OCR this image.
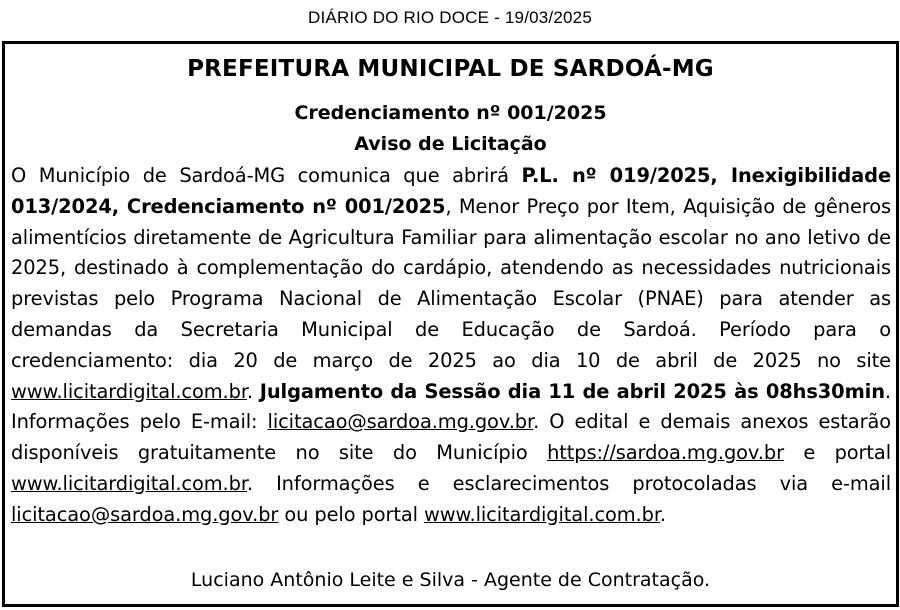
DIÁRIO DO RIO DOCE - 19/03/2025
PREFEITURA MUNICIPAL DE SARDOÁ-MG
Credenciamento nº 001/2025
Aviso de Licitação
O Município de Sardoá-MG comunica que abrirá P.L. nº 019/2025, Inexigibilidade 013/2024, Credenciamento nº 001/2025, Menor Preço por Item, Aquisição de gêneros alimentícios diretamente de Agricultura Familiar para alimentação escolar no ano letivo de 2025, destinado à complementação do cardápio, atendendo as necessidades nutricionais previstas pelo Programa Nacional de Alimentação Escolar (PNAE) para atender as demandas da Secretaria Municipal de Educação de Sardoá. Período para o credenciamento: dia 20 de março de 2025 ao dia 10 de abril de 2025 no site www.licitardigital.com.br. Julgamento da Sessão dia 11 de abril 2025 às 08hs30min. Informações pelo E-mail: licitacao@sardoa.mg.gov.br. O edital e demais anexos estarão disponíveis gratuitamente no site do Município https://sardoa.mg.gov.br e portal www.licitardigital.com.br. Informações e esclarecimentos protocoladas via e-mail licitacao@sardoa.mg.gov.br ou pelo portal www.licitardigital.com.br.
Luciano Antônio Leite e Silva - Agente de Contratação.
